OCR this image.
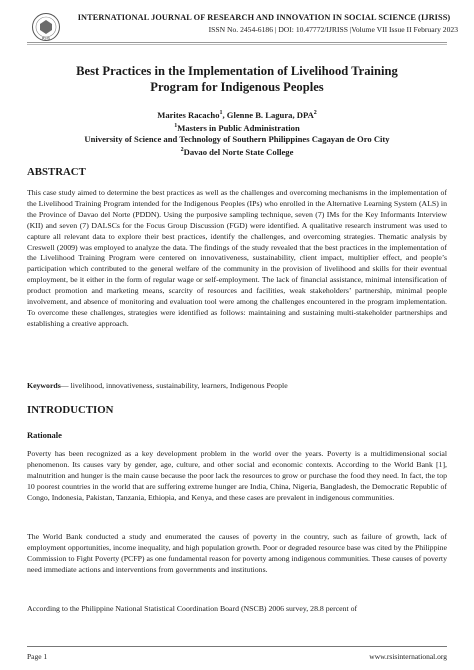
RSIS
INTERNATIONAL JOURNAL OF RESEARCH AND INNOVATION IN SOCIAL SCIENCE (IJRISS)
ISSN No. 2454-6186 | DOI: 10.47772/IJRISS |Volume VII Issue II February 2023
Best Practices in the Implementation of Livelihood Training
Program for Indigenous Peoples
Marites Racacho$^1$, Glenne B. Lagura, DPA$^2$
$^1$Masters in Public Administration
University of Science and Technology of Southern Philippines Cagayan de Oro City
$^2$Davao del Norte State College
ABSTRACT
This case study aimed to determine the best practices as well as the challenges and overcoming mechanisms in the implementation of the Livelihood Training Program intended for the Indigenous Peoples (IPs) who enrolled in the Alternative Learning System (ALS) in the Province of Davao del Norte (PDDN). Using the purposive sampling technique, seven (7) IMs for the Key Informants Interview (KII) and seven (7) DALSCs for the Focus Group Discussion (FGD) were identified. A qualitative research instrument was used to capture all relevant data to explore their best practices, identify the challenges, and overcoming strategies. Thematic analysis by Creswell (2009) was employed to analyze the data. The findings of the study revealed that the best practices in the implementation of the Livelihood Training Program were centered on innovativeness, sustainability, client impact, multiplier effect, and people’s participation which contributed to the general welfare of the community in the provision of livelihood and skills for their eventual employment, be it either in the form of regular wage or self-employment. The lack of financial assistance, minimal intensification of product promotion and marketing means, scarcity of resources and facilities, weak stakeholders’ partnership, minimal people involvement, and absence of monitoring and evaluation tool were among the challenges encountered in the program implementation. To overcome these challenges, strategies were identified as follows: maintaining and sustaining multi-stakeholder partnerships and establishing a creative approach.
Keywords— livelihood, innovativeness, sustainability, learners, Indigenous People
INTRODUCTION
Rationale
Poverty has been recognized as a key development problem in the world over the years. Poverty is a multidimensional social phenomenon. Its causes vary by gender, age, culture, and other social and economic contexts. According to the World Bank [1], malnutrition and hunger is the main cause because the poor lack the resources to grow or purchase the food they need. In fact, the top 10 poorest countries in the world that are suffering extreme hunger are India, China, Nigeria, Bangladesh, the Democratic Republic of Congo, Indonesia, Pakistan, Tanzania, Ethiopia, and Kenya, and these cases are prevalent in indigenous communities.
The World Bank conducted a study and enumerated the causes of poverty in the country, such as failure of growth, lack of employment opportunities, income inequality, and high population growth. Poor or degraded resource base was cited by the Philippine Commission to Fight Poverty (PCFP) as one fundamental reason for poverty among indigenous communities. These causes of poverty need immediate actions and interventions from governments and institutions.
According to the Philippine National Statistical Coordination Board (NSCB) 2006 survey, 28.8 percent of
Page 1	www.rsisinternational.org
